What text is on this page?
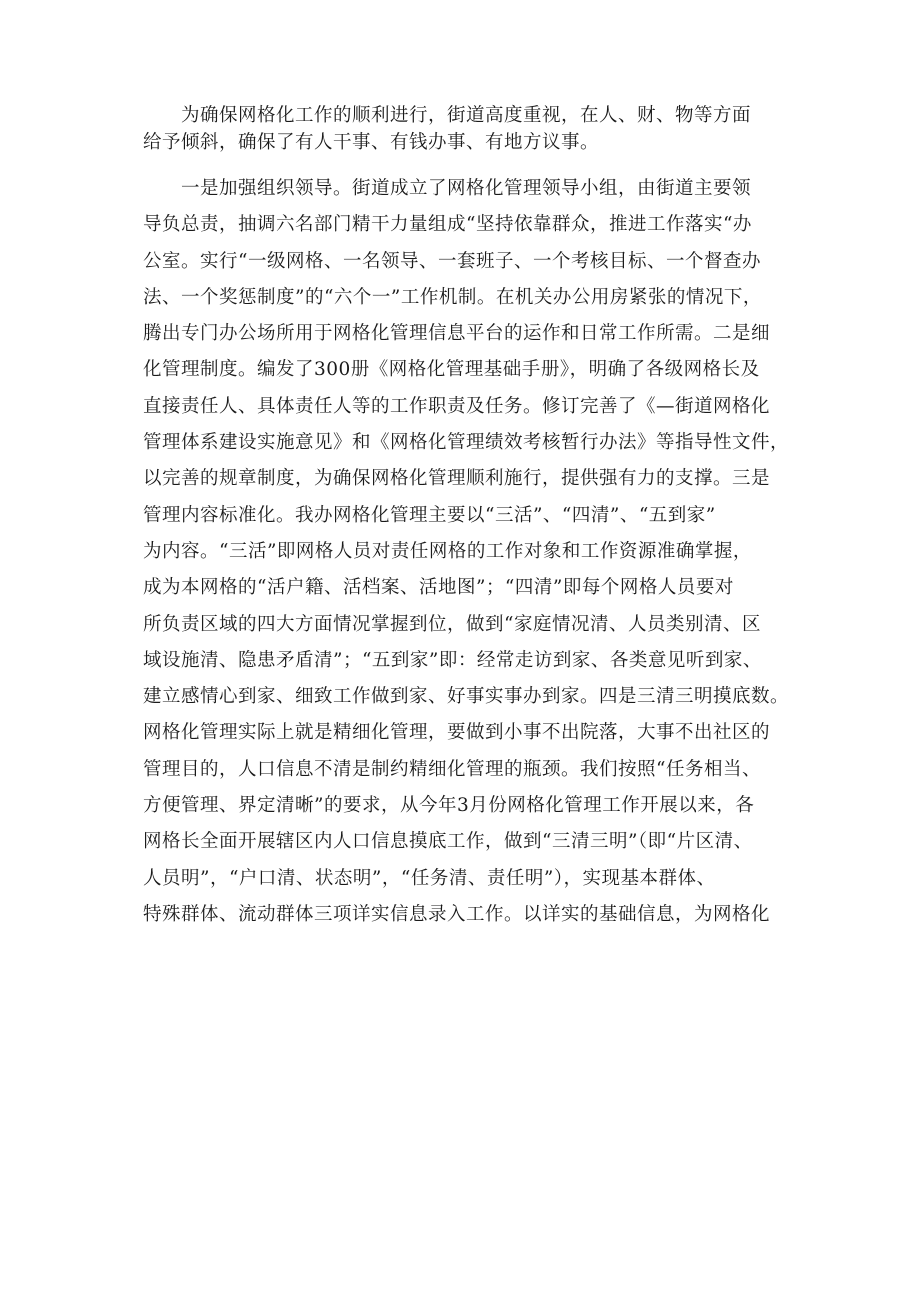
为确保网格化工作的顺利进行，街道高度重视，在人、财、物等方面
给予倾斜，确保了有人干事、有钱办事、有地方议事。
一是加强组织领导。街道成立了网格化管理领导小组，由街道主要领
导负总责，抽调六名部门精干力量组成“坚持依靠群众，推进工作落实“办
公室。实行“一级网格、一名领导、一套班子、一个考核目标、一个督查办
法、一个奖惩制度”的“六个一”工作机制。在机关办公用房紧张的情况下，
腾出专门办公场所用于网格化管理信息平台的运作和日常工作所需。二是细
化管理制度。编发了300册《网格化管理基础手册》，明确了各级网格长及
直接责任人、具体责任人等的工作职责及任务。修订完善了《—街道网格化
管理体系建设实施意见》和《网格化管理绩效考核暂行办法》等指导性文件，
以完善的规章制度，为确保网格化管理顺利施行，提供强有力的支撑。三是
管理内容标准化。我办网格化管理主要以“三活”、“四清”、“五到家”
为内容。“三活”即网格人员对责任网格的工作对象和工作资源准确掌握，
成为本网格的“活户籍、活档案、活地图”；“四清”即每个网格人员要对
所负责区域的四大方面情况掌握到位，做到“家庭情况清、人员类别清、区
域设施清、隐患矛盾清”；“五到家”即：经常走访到家、各类意见听到家、
建立感情心到家、细致工作做到家、好事实事办到家。四是三清三明摸底数。
网格化管理实际上就是精细化管理，要做到小事不出院落，大事不出社区的
管理目的，人口信息不清是制约精细化管理的瓶颈。我们按照“任务相当、
方便管理、界定清晰”的要求，从今年3月份网格化管理工作开展以来，各
网格长全面开展辖区内人口信息摸底工作，做到“三清三明”（即“片区清、
人员明”，“户口清、状态明”，“任务清、责任明”），实现基本群体、
特殊群体、流动群体三项详实信息录入工作。以详实的基础信息，为网格化
